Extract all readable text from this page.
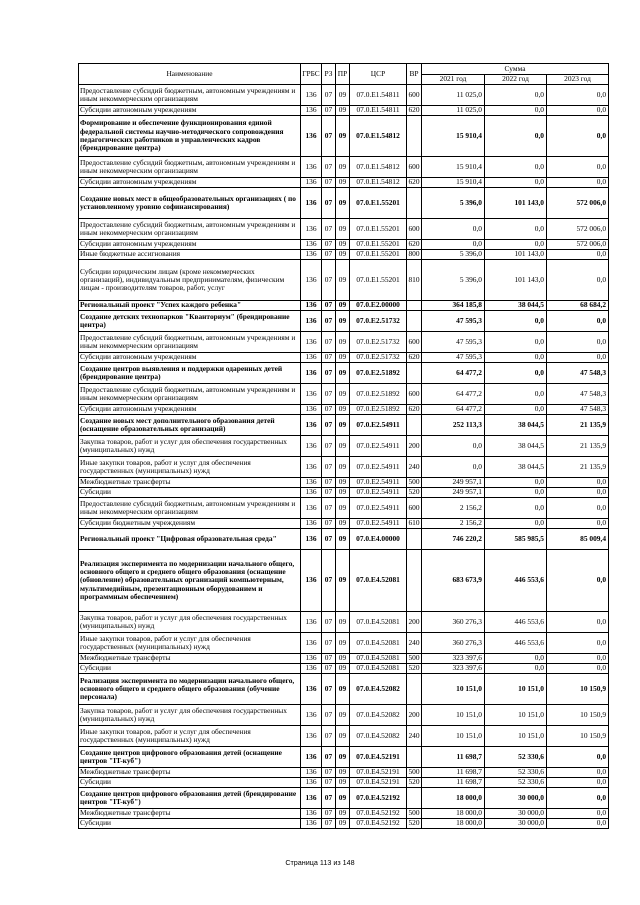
Наименование	ГРБС	РЗ	ПР	ЦСР	ВР	Сумма		
						2021 год	2022 год	2023 год
Предоставление субсидий бюджетным, автономным учреждениям и иным некоммерческим организациям	136	07	09	07.0.E1.54811	600	11 025,0	0,0	0,0
Субсидии автономным учреждениям	136	07	09	07.0.E1.54811	620	11 025,0	0,0	0,0
Формирование и обеспечение функционирования единой федеральной системы научно-методического сопровождения педагогических работников и управленческих кадров (брендирование центра)	136	07	09	07.0.E1.54812		15 910,4	0,0	0,0
Предоставление субсидий бюджетным, автономным учреждениям и иным некоммерческим организациям	136	07	09	07.0.E1.54812	600	15 910,4	0,0	0,0
Субсидии автономным учреждениям	136	07	09	07.0.E1.54812	620	15 910,4	0,0	0,0
Создание новых мест в общеобразовательных организациях ( по установленному уровню софинансирования)	136	07	09	07.0.E1.55201		5 396,0	101 143,0	572 006,0
Предоставление субсидий бюджетным, автономным учреждениям и иным некоммерческим организациям	136	07	09	07.0.E1.55201	600	0,0	0,0	572 006,0
Субсидии автономным учреждениям	136	07	09	07.0.E1.55201	620	0,0	0,0	572 006,0
Иные бюджетные ассигнования	136	07	09	07.0.E1.55201	800	5 396,0	101 143,0	0,0
Субсидии юридическим лицам (кроме некоммерческих организаций), индивидуальным предпринимателям, физическим лицам - производителям товаров, работ, услуг	136	07	09	07.0.E1.55201	810	5 396,0	101 143,0	0,0
Региональный проект "Успех каждого ребенка"	136	07	09	07.0.E2.00000		364 185,8	38 044,5	68 684,2
Создание детских технопарков "Кванториум" (брендирование центра)	136	07	09	07.0.E2.51732		47 595,3	0,0	0,0
Предоставление субсидий бюджетным, автономным учреждениям и иным некоммерческим организациям	136	07	09	07.0.E2.51732	600	47 595,3	0,0	0,0
Субсидии автономным учреждениям	136	07	09	07.0.E2.51732	620	47 595,3	0,0	0,0
Создание центров выявления и поддержки одаренных детей (брендирование центра)	136	07	09	07.0.E2.51892		64 477,2	0,0	47 548,3
Предоставление субсидий бюджетным, автономным учреждениям и иным некоммерческим организациям	136	07	09	07.0.E2.51892	600	64 477,2	0,0	47 548,3
Субсидии автономным учреждениям	136	07	09	07.0.E2.51892	620	64 477,2	0,0	47 548,3
Создание новых мест дополнительного образования детей (оснащение образовательных организаций)	136	07	09	07.0.E2.54911		252 113,3	38 044,5	21 135,9
Закупка товаров, работ и услуг для обеспечения государственных (муниципальных) нужд	136	07	09	07.0.E2.54911	200	0,0	38 044,5	21 135,9
Иные закупки товаров, работ и услуг для обеспечения государственных (муниципальных) нужд	136	07	09	07.0.E2.54911	240	0,0	38 044,5	21 135,9
Межбюджетные трансферты	136	07	09	07.0.E2.54911	500	249 957,1	0,0	0,0
Субсидии	136	07	09	07.0.E2.54911	520	249 957,1	0,0	0,0
Предоставление субсидий бюджетным, автономным учреждениям и иным некоммерческим организациям	136	07	09	07.0.E2.54911	600	2 156,2	0,0	0,0
Субсидии бюджетным учреждениям	136	07	09	07.0.E2.54911	610	2 156,2	0,0	0,0
Региональный проект "Цифровая образовательная среда"	136	07	09	07.0.E4.00000		746 220,2	585 985,5	85 009,4
Реализация эксперимента по модернизации начального общего, основного общего и среднего общего образования (оснащение (обновление) образовательных организаций компьютерным, мультимедийным, презентационным оборудованием и программным обеспечением)	136	07	09	07.0.E4.52081		683 673,9	446 553,6	0,0
Закупка товаров, работ и услуг для обеспечения государственных (муниципальных) нужд	136	07	09	07.0.E4.52081	200	360 276,3	446 553,6	0,0
Иные закупки товаров, работ и услуг для обеспечения государственных (муниципальных) нужд	136	07	09	07.0.E4.52081	240	360 276,3	446 553,6	0,0
Межбюджетные трансферты	136	07	09	07.0.E4.52081	500	323 397,6	0,0	0,0
Субсидии	136	07	09	07.0.E4.52081	520	323 397,6	0,0	0,0
Реализация эксперимента по модернизации начального общего, основного общего и среднего общего образования (обучение персонала)	136	07	09	07.0.E4.52082		10 151,0	10 151,0	10 150,9
Закупка товаров, работ и услуг для обеспечения государственных (муниципальных) нужд	136	07	09	07.0.E4.52082	200	10 151,0	10 151,0	10 150,9
Иные закупки товаров, работ и услуг для обеспечения государственных (муниципальных) нужд	136	07	09	07.0.E4.52082	240	10 151,0	10 151,0	10 150,9
Создание центров цифрового образования детей (оснащение центров "IT-куб")	136	07	09	07.0.E4.52191		11 698,7	52 330,6	0,0
Межбюджетные трансферты	136	07	09	07.0.E4.52191	500	11 698,7	52 330,6	0,0
Субсидии	136	07	09	07.0.E4.52191	520	11 698,7	52 330,6	0,0
Создание центров цифрового образования детей (брендирование центров "IT-куб")	136	07	09	07.0.E4.52192		18 000,0	30 000,0	0,0
Межбюджетные трансферты	136	07	09	07.0.E4.52192	500	18 000,0	30 000,0	0,0
Субсидии	136	07	09	07.0.E4.52192	520	18 000,0	30 000,0	0,0
Страница 113 из 148
